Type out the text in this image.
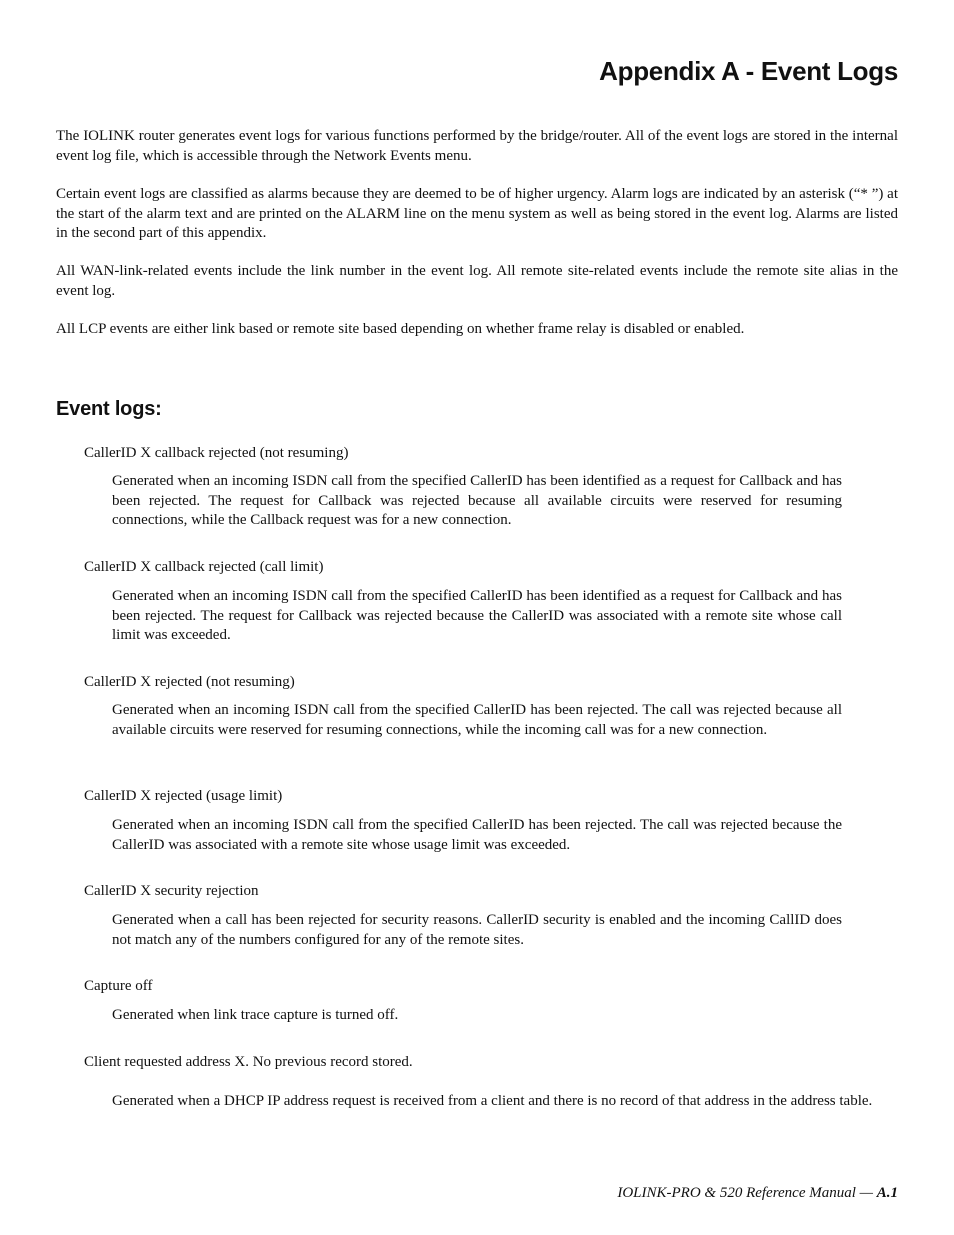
Appendix A - Event Logs

The IOLINK router generates event logs for various functions performed by the bridge/router. All of the event logs are stored in the internal event log file, which is accessible through the Network Events menu.

Certain event logs are classified as alarms because they are deemed to be of higher urgency. Alarm logs are indicated by an asterisk (“* ”) at the start of the alarm text and are printed on the ALARM line on the menu system as well as being stored in the event log. Alarms are listed in the second part of this appendix.

All WAN-link-related events include the link number in the event log. All remote site-related events include the remote site alias in the event log.

All LCP events are either link based or remote site based depending on whether frame relay is disabled or enabled.

Event logs:

CallerID X callback rejected (not resuming)

Generated when an incoming ISDN call from the specified CallerID has been identified as a request for Callback and has been rejected. The request for Callback was rejected because all available circuits were reserved for resuming connections, while the Callback request was for a new connection.

CallerID X callback rejected (call limit)

Generated when an incoming ISDN call from the specified CallerID has been identified as a request for Callback and has been rejected. The request for Callback was rejected because the CallerID was associated with a remote site whose call limit was exceeded.

CallerID X rejected (not resuming)

Generated when an incoming ISDN call from the specified CallerID has been rejected. The call was rejected because all available circuits were reserved for resuming connections, while the incoming call was for a new connection.

CallerID X rejected (usage limit)

Generated when an incoming ISDN call from the specified CallerID has been rejected. The call was rejected because the CallerID was associated with a remote site whose usage limit was exceeded.

CallerID X security rejection

Generated when a call has been rejected for security reasons. CallerID security is enabled and the incoming CallID does not match any of the numbers configured for any of the remote sites.

Capture off

Generated when link trace capture is turned off.

Client requested address X. No previous record stored.

Generated when a DHCP IP address request is received from a client and there is no record of that address in the address table.

IOLINK-PRO & 520 Reference Manual — A.1
